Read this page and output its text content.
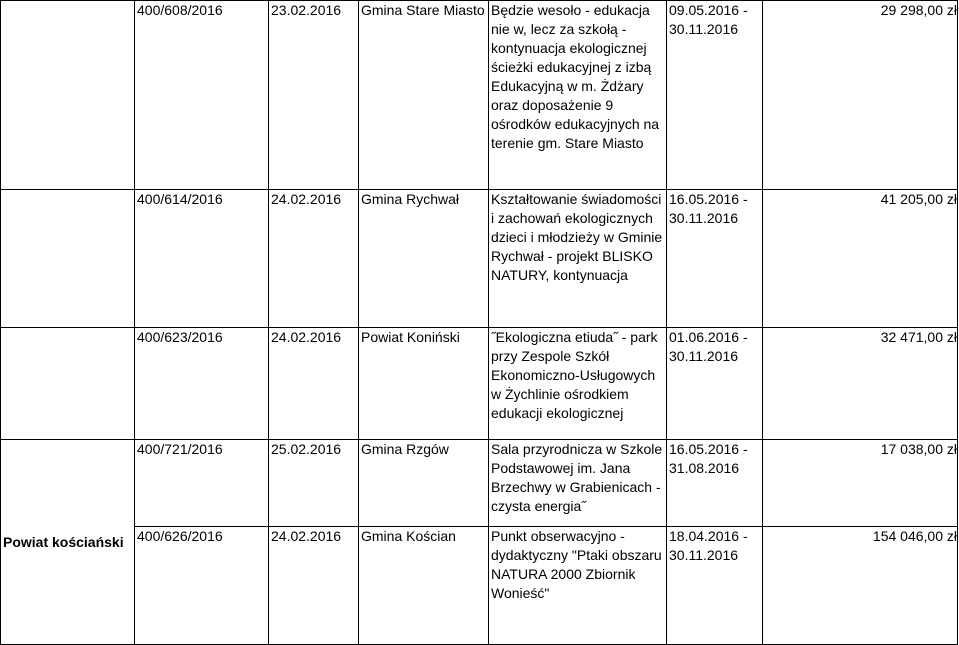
	400/608/2016	23.02.2016	Gmina Stare Miasto	Będzie wesoło - edukacja nie w, lecz za szkołą - kontynuacja ekologicznej ścieżki edukacyjnej z izbą Edukacyjną w m. Żdżary oraz doposażenie 9 ośrodków edukacyjnych na terenie gm. Stare Miasto	09.05.2016 - 30.11.2016	29 298,00 zł
	400/614/2016	24.02.2016	Gmina Rychwał	Kształtowanie świadomości i zachowań ekologicznych dzieci i młodzieży w Gminie Rychwał - projekt BLISKO NATURY, kontynuacja	16.05.2016 - 30.11.2016	41 205,00 zł
	400/623/2016	24.02.2016	Powiat Koniński	˝Ekologiczna etiuda˝ - park przy Zespole Szkół Ekonomiczno-Usługowych w Żychlinie ośrodkiem edukacji ekologicznej	01.06.2016 - 30.11.2016	32 471,00 zł
Powiat kościański	400/721/2016	25.02.2016	Gmina Rzgów	Sala przyrodnicza w Szkole Podstawowej im. Jana Brzechwy w Grabienicach - czysta energia˝	16.05.2016 - 31.08.2016	17 038,00 zł
	400/626/2016	24.02.2016	Gmina Kościan	Punkt obserwacyjno - dydaktyczny "Ptaki obszaru NATURA 2000 Zbiornik Wonieść"	18.04.2016 - 30.11.2016	154 046,00 zł
